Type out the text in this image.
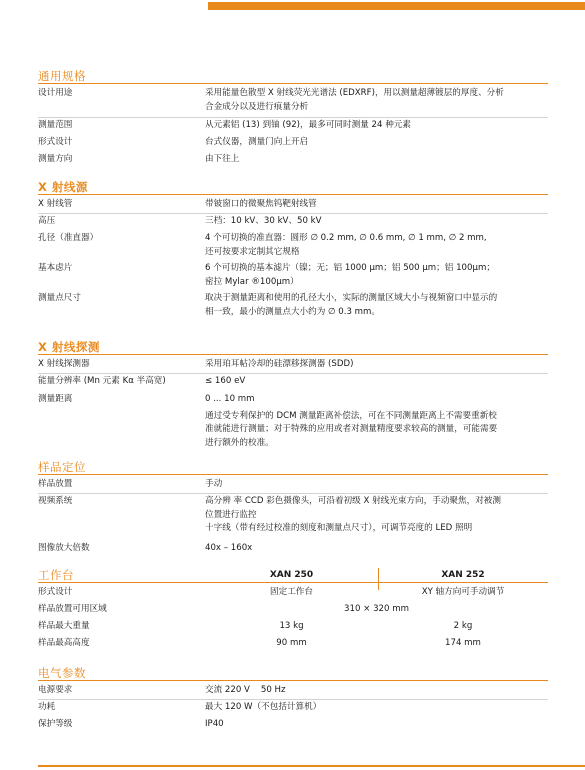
通用规格
设计用途	采用能量色散型 X 射线荧光光谱法 (EDXRF)，用以测量超薄镀层的厚度、分析

合金成分以及进行痕量分析

测量范围	从元素铝 (13) 到铀 (92)，最多可同时测量 24 种元素

形式设计	台式仪器，测量门向上开启

测量方向	由下往上

X 射线源
X 射线管	带铍窗口的微聚焦钨靶射线管

高压	三档：10 kV、30 kV、50 kV

孔径（准直器）	4 个可切换的准直器：圆形 ∅ 0.2 mm, ∅ 0.6 mm, ∅ 1 mm, ∅ 2 mm,

还可按要求定制其它规格

基本虑片	6 个可切换的基本滤片（镍；无；铝 1000 μm；铝 500 μm；铝 100μm；

密拉 Mylar ®100μm）

测量点尺寸	取决于测量距离和使用的孔径大小，实际的测量区域大小与视频窗口中显示的

相一致，最小的测量点大小约为 ∅ 0.3 mm。

X 射线探测
X 射线探测器	采用珀耳帖冷却的硅漂移探测器 (SDD)

能量分辨率 (Mn 元素 Kα 半高宽)	≤ 160 eV

测量距离	0 ... 10 mm

通过受专利保护的 DCM 测量距离补偿法，可在不同测量距离上不需要重新校

准就能进行测量；对于特殊的应用或者对测量精度要求较高的测量，可能需要

进行额外的校准。

样品定位
样品放置	手动

视频系统	高分辨 率 CCD 彩色摄像头，可沿着初级 X 射线光束方向，手动聚焦，对被测

位置进行监控

十字线（带有经过校准的刻度和测量点尺寸），可调节亮度的 LED 照明

图像放大倍数	40x – 160x

工作台	XAN 250	XAN 252
形式设计	固定工作台	XY 轴方向可手动调节
样品放置可用区域	310 × 320 mm
样品最大重量	13 kg	2 kg
样品最高高度	90 mm	174 mm
电气参数
电源要求	交流 220 V    50 Hz

功耗	最大 120 W（不包括计算机）

保护等级	IP40
